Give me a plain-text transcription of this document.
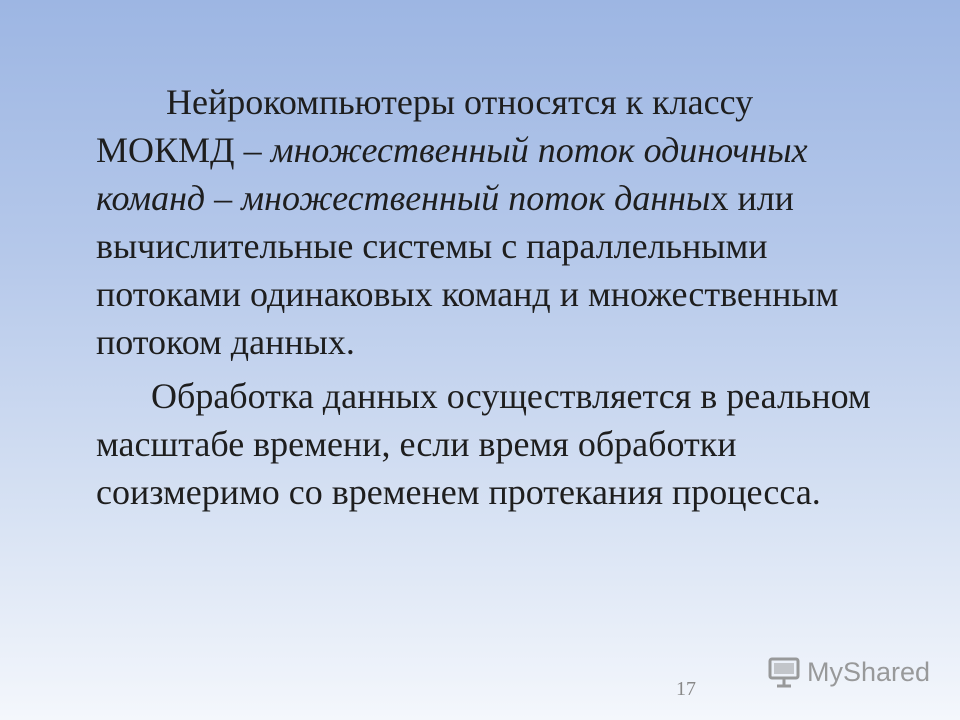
Нейрокомпьютеры относятся к классу МОКМД – множественный поток одиночных команд – множественный поток данных или вычислительные системы с параллельными потоками одинаковых команд и множественным потоком данных.

Обработка данных осуществляется в реальном масштабе времени, если время обработки соизмеримо со временем протекания процесса.

17
MyShared
